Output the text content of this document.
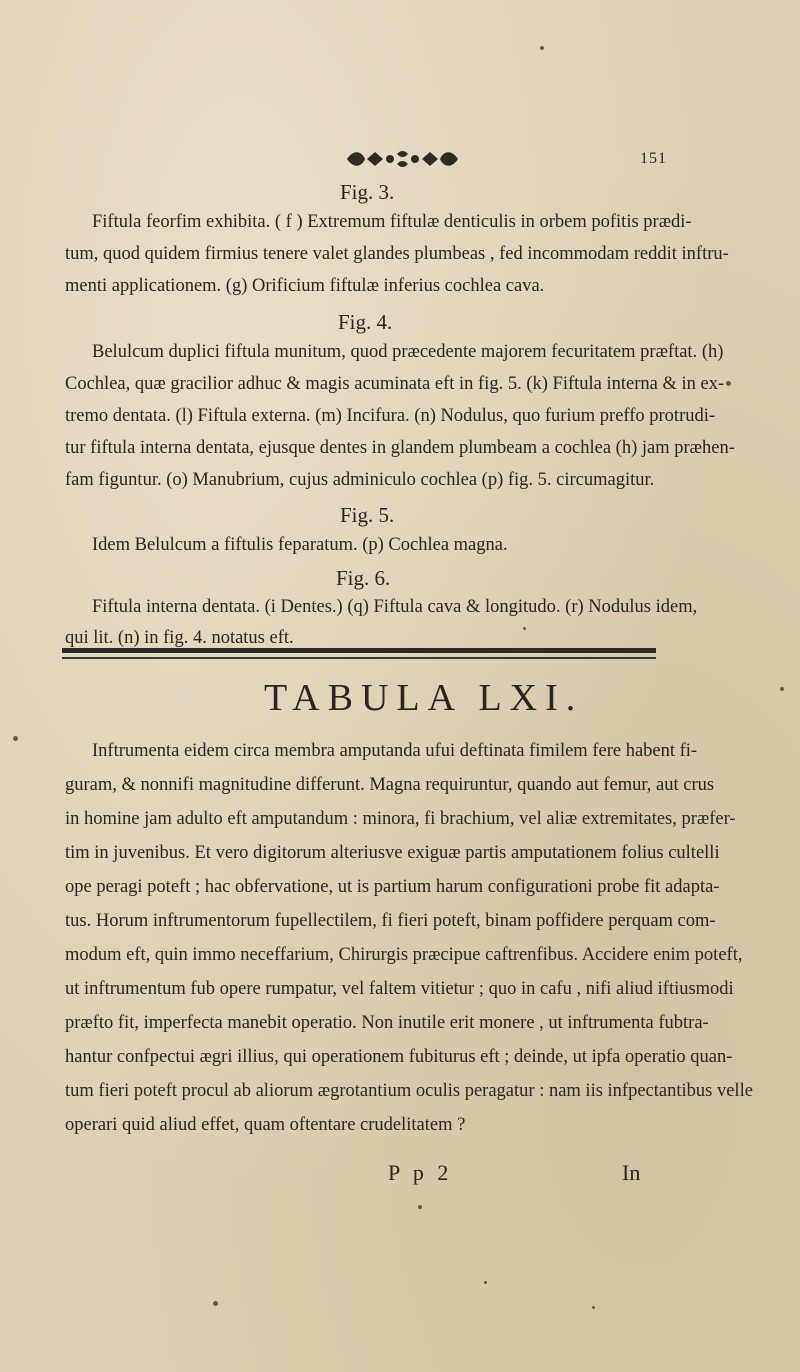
151
Fig. 3.
Fiftula feorfim exhibita. ( f ) Extremum fiftulæ denticulis in orbem pofitis prædi-
tum, quod quidem firmius tenere valet glandes plumbeas , fed incommodam reddit inftru-
menti applicationem. (g) Orificium fiftulæ inferius cochlea cava.
Fig. 4.
Belulcum duplici fiftula munitum, quod præcedente majorem fecuritatem præftat. (h)
Cochlea, quæ gracilior adhuc & magis acuminata eft in fig. 5. (k) Fiftula interna & in ex-
tremo dentata. (l) Fiftula externa. (m) Incifura. (n) Nodulus, quo furium preffo protrudi-
tur fiftula interna dentata, ejusque dentes in glandem plumbeam a cochlea (h) jam præhen-
fam figuntur. (o) Manubrium, cujus adminiculo cochlea (p) fig. 5. circumagitur.
Fig. 5.
Idem Belulcum a fiftulis feparatum. (p) Cochlea magna.
Fig. 6.
Fiftula interna dentata. (i Dentes.) (q) Fiftula cava & longitudo. (r) Nodulus idem,
qui lit. (n) in fig. 4. notatus eft.
TABULA LXI.
Inftrumenta eidem circa membra amputanda ufui deftinata fimilem fere habent fi-
guram, & nonnifi magnitudine differunt. Magna requiruntur, quando aut femur, aut crus
in homine jam adulto eft amputandum : minora, fi brachium, vel aliæ extremitates, præfer-
tim in juvenibus. Et vero digitorum alteriusve exiguæ partis amputationem folius cultelli
ope peragi poteft ; hac obfervatione, ut is partium harum configurationi probe fit adapta-
tus. Horum inftrumentorum fupellectilem, fi fieri poteft, binam poffidere perquam com-
modum eft, quin immo neceffarium, Chirurgis præcipue caftrenfibus. Accidere enim poteft,
ut inftrumentum fub opere rumpatur, vel faltem vitietur ; quo in cafu , nifi aliud iftiusmodi
præfto fit, imperfecta manebit operatio. Non inutile erit monere , ut inftrumenta fubtra-
hantur confpectui ægri illius, qui operationem fubiturus eft ; deinde, ut ipfa operatio quan-
tum fieri poteft procul ab aliorum ægrotantium oculis peragatur : nam iis infpectantibus velle
operari quid aliud effet, quam oftentare crudelitatem ?
P p 2	In
